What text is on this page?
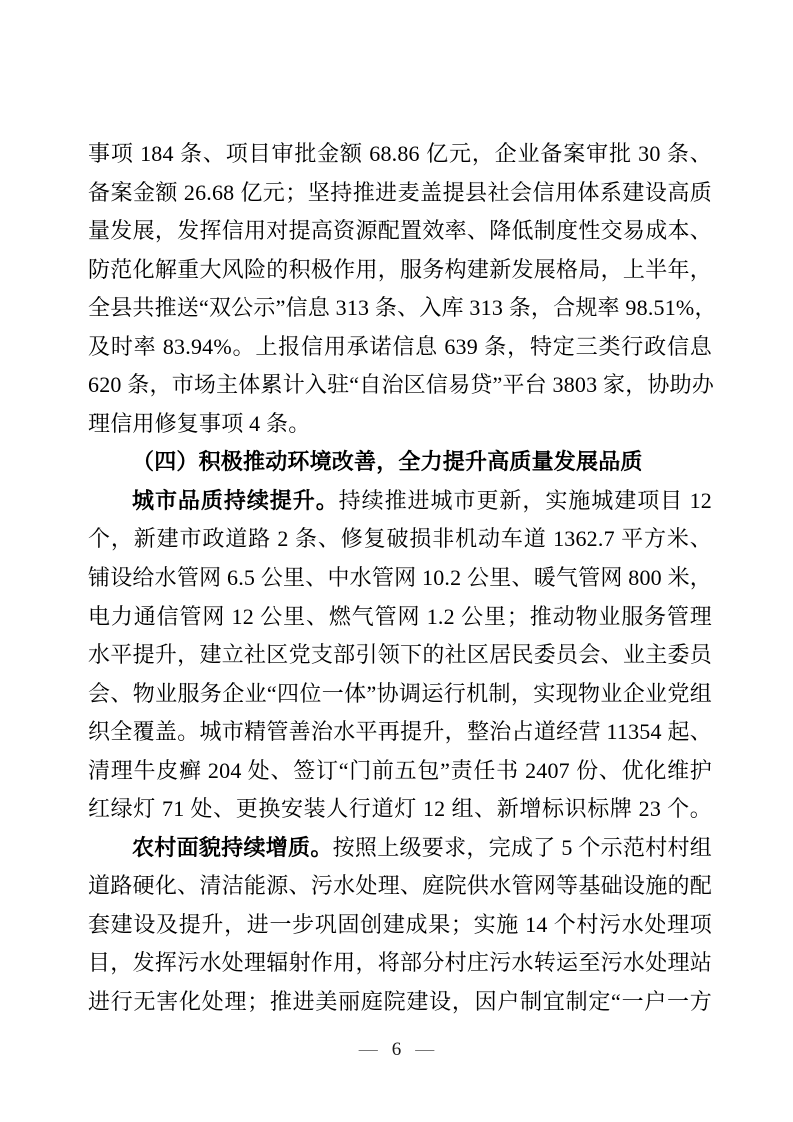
事项 184 条、项目审批金额 68.86 亿元，企业备案审批 30 条、
备案金额 26.68 亿元；坚持推进麦盖提县社会信用体系建设高质
量发展，发挥信用对提高资源配置效率、降低制度性交易成本、
防范化解重大风险的积极作用，服务构建新发展格局，上半年，
全县共推送“双公示”信息 313 条、入库 313 条，合规率 98.51%，
及时率 83.94%。上报信用承诺信息 639 条，特定三类行政信息
620 条，市场主体累计入驻“自治区信易贷”平台 3803 家，协助办
理信用修复事项 4 条。
（四）积极推动环境改善，全力提升高质量发展品质
城市品质持续提升。持续推进城市更新，实施城建项目 12
个，新建市政道路 2 条、修复破损非机动车道 1362.7 平方米、
铺设给水管网 6.5 公里、中水管网 10.2 公里、暖气管网 800 米，
电力通信管网 12 公里、燃气管网 1.2 公里；推动物业服务管理
水平提升，建立社区党支部引领下的社区居民委员会、业主委员
会、物业服务企业“四位一体”协调运行机制，实现物业企业党组
织全覆盖。城市精管善治水平再提升，整治占道经营 11354 起、
清理牛皮癣 204 处、签订“门前五包”责任书 2407 份、优化维护
红绿灯 71 处、更换安装人行道灯 12 组、新增标识标牌 23 个。
农村面貌持续增质。按照上级要求，完成了 5 个示范村村组
道路硬化、清洁能源、污水处理、庭院供水管网等基础设施的配
套建设及提升，进一步巩固创建成果；实施 14 个村污水处理项
目，发挥污水处理辐射作用，将部分村庄污水转运至污水处理站
进行无害化处理；推进美丽庭院建设，因户制宜制定“一户一方
— 6 —
